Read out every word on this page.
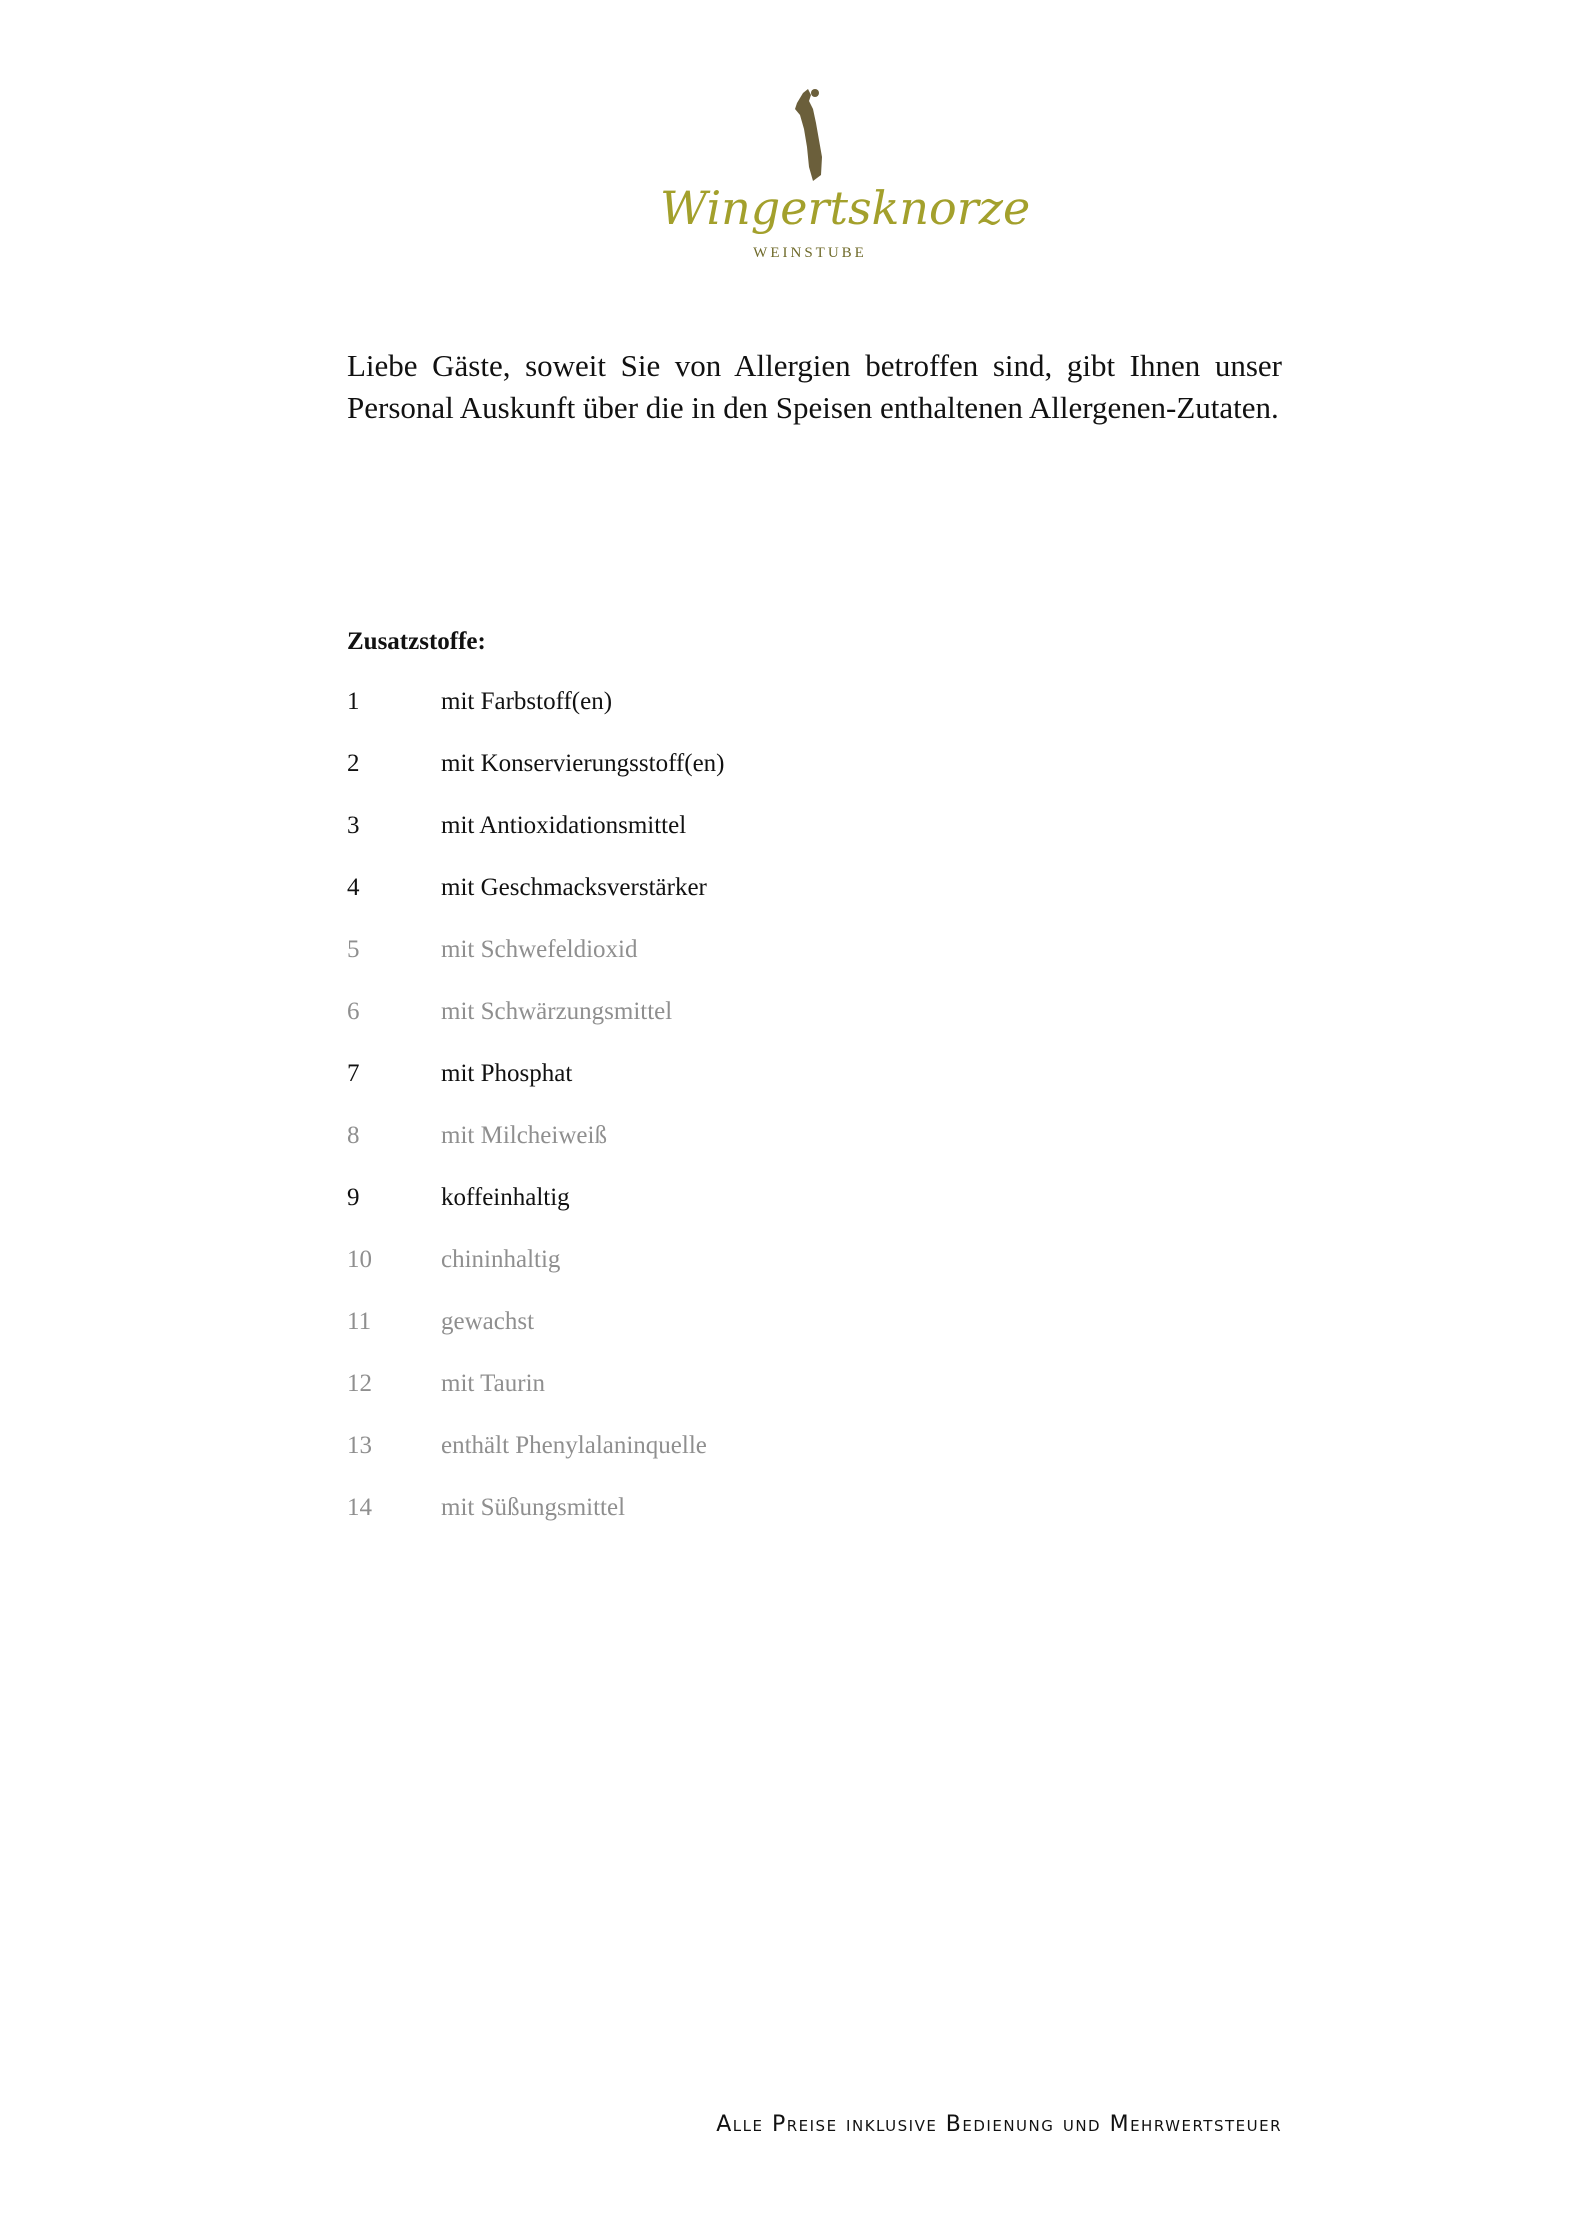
Wingertsknorze
WEINSTUBE

Liebe Gäste, soweit Sie von Allergien betroffen sind, gibt Ihnen unser Personal Auskunft über die in den Speisen enthaltenen Allergenen-Zutaten.

Zusatzstoffe:

1	mit Farbstoff(en)
2	mit Konservierungsstoff(en)
3	mit Antioxidationsmittel
4	mit Geschmacksverstärker
5	mit Schwefeldioxid
6	mit Schwärzungsmittel
7	mit Phosphat
8	mit Milcheiweiß
9	koffeinhaltig
10	chininhaltig
11	gewachst
12	mit Taurin
13	enthält Phenylalaninquelle
14	mit Süßungsmittel

Alle Preise inklusive Bedienung und Mehrwertsteuer
